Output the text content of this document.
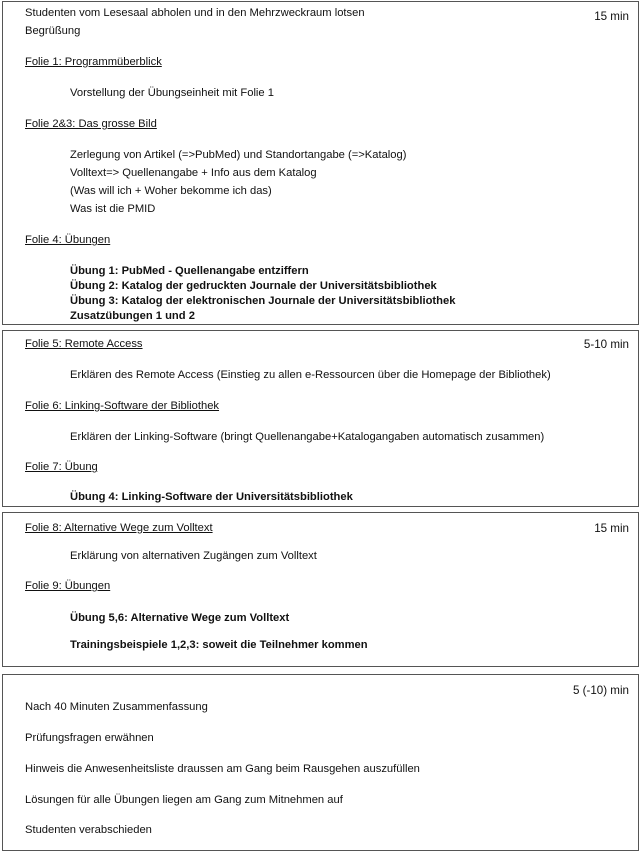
15 min
Studenten vom Lesesaal abholen und in den Mehrzweckraum lotsen
Begrüßung
Folie 1: Programmüberblick
Vorstellung der Übungseinheit mit Folie 1
Folie 2&3: Das grosse Bild
Zerlegung von Artikel (=>PubMed) und Standortangabe (=>Katalog)
Volltext=> Quellenangabe + Info aus dem Katalog
(Was will ich + Woher bekomme ich das)
Was ist die PMID
Folie 4: Übungen
Übung 1: PubMed - Quellenangabe entziffern
Übung 2: Katalog der gedruckten Journale der Universitätsbibliothek
Übung 3: Katalog der elektronischen Journale der Universitätsbibliothek
Zusatzübungen 1 und 2
5-10 min
Folie 5: Remote Access
Erklären des Remote Access (Einstieg zu allen e-Ressourcen über die Homepage der Bibliothek)
Folie 6: Linking-Software der Bibliothek
Erklären der Linking-Software (bringt Quellenangabe+Katalogangaben automatisch zusammen)
Folie 7: Übung
Übung 4: Linking-Software der Universitätsbibliothek
15 min
Folie 8: Alternative Wege zum Volltext
Erklärung von alternativen Zugängen zum Volltext
Folie 9: Übungen
Übung 5,6: Alternative Wege zum Volltext
Trainingsbeispiele 1,2,3: soweit die Teilnehmer kommen
5 (-10) min
Nach 40 Minuten Zusammenfassung
Prüfungsfragen erwähnen
Hinweis die Anwesenheitsliste draussen am Gang beim Rausgehen auszufüllen
Lösungen für alle Übungen liegen am Gang zum Mitnehmen auf
Studenten verabschieden
